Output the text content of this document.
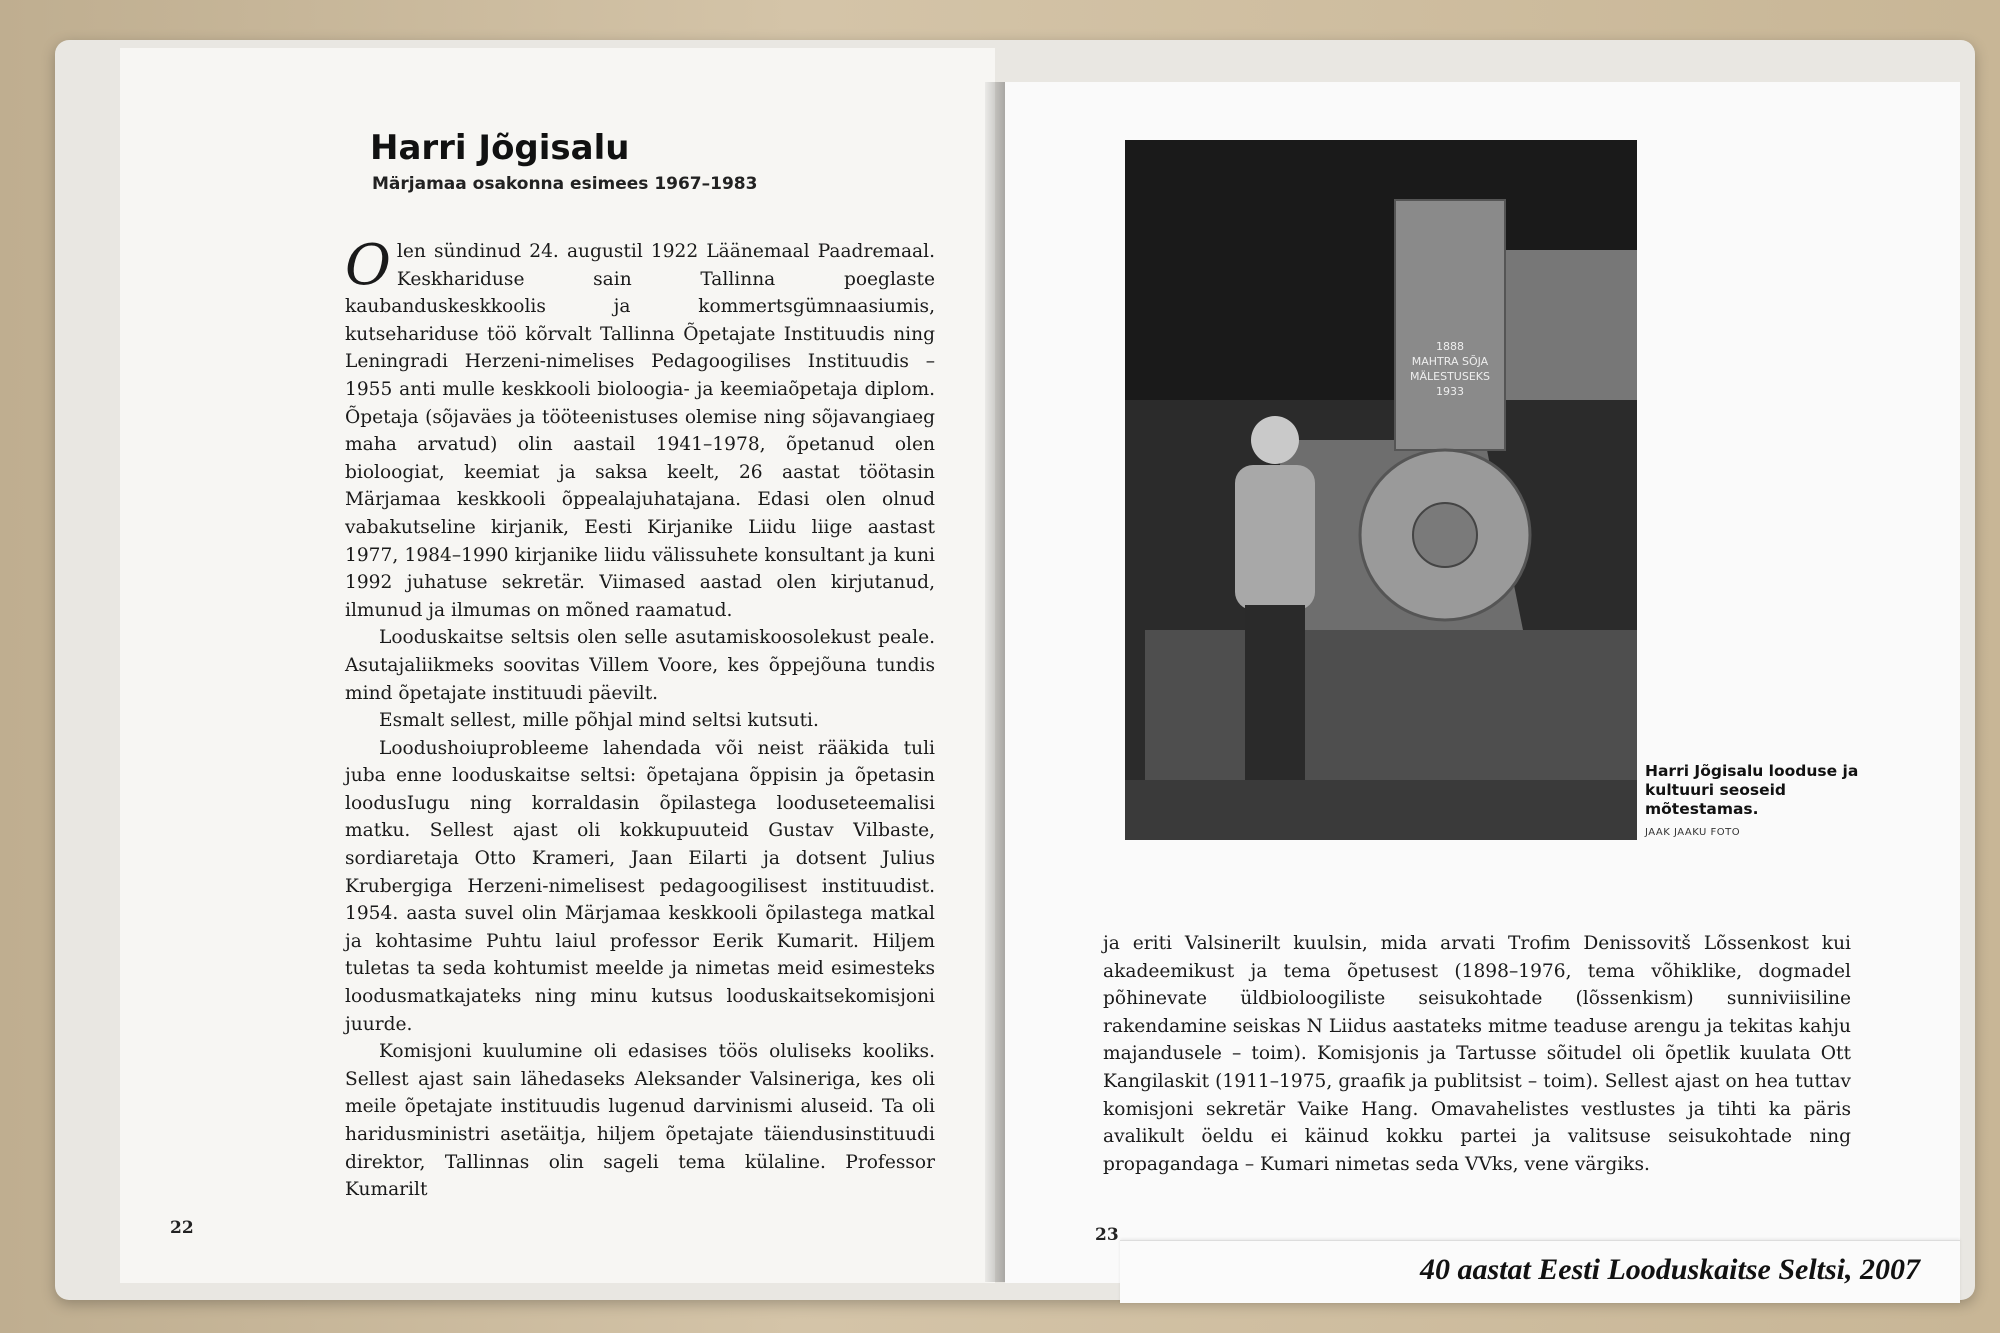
Harri Jõgisalu
Märjamaa osakonna esimees 1967–1983

Olen sündinud 24. augustil 1922 Läänemaal Paadremaal. Keskhariduse sain Tallinna poeglaste kaubanduskeskkoolis ja kommertsgümnaasiumis, kutsehariduse töö kõrvalt Tallinna Õpetajate Instituudis ning Leningradi Herzeni-nimelises Pedagoogilises Instituudis – 1955 anti mulle keskkooli bioloogia- ja keemiaõpetaja diplom. Õpetaja (sõjaväes ja tööteenistuses olemise ning sõjavangiaeg maha arvatud) olin aastail 1941–1978, õpetanud olen bioloogiat, keemiat ja saksa keelt, 26 aastat töötasin Märjamaa keskkooli õppealajuhatajana. Edasi olen olnud vabakutseline kirjanik, Eesti Kirjanike Liidu liige aastast 1977, 1984–1990 kirjanike liidu välissuhete konsultant ja kuni 1992 juhatuse sekretär. Viimased aastad olen kirjutanud, ilmunud ja ilmumas on mõned raamatud.

Looduskaitse seltsis olen selle asutamiskoosolekust peale. Asutajaliikmeks soovitas Villem Voore, kes õppejõuna tundis mind õpetajate instituudi päevilt.

Esmalt sellest, mille põhjal mind seltsi kutsuti.

Loodushoiuprobleeme lahendada või neist rääkida tuli juba enne looduskaitse seltsi: õpetajana õppisin ja õpetasin loodusIugu ning korraldasin õpilastega looduseteemalisi matku. Sellest ajast oli kokkupuuteid Gustav Vilbaste, sordiaretaja Otto Krameri, Jaan Eilarti ja dotsent Julius Krubergiga Herzeni-nimelisest pedagoogilisest instituudist. 1954. aasta suvel olin Märjamaa keskkooli õpilastega matkal ja kohtasime Puhtu laiul professor Eerik Kumarit. Hiljem tuletas ta seda kohtumist meelde ja nimetas meid esimesteks loodusmatkajateks ning minu kutsus looduskaitsekomisjoni juurde.

Komisjoni kuulumine oli edasises töös oluliseks kooliks. Sellest ajast sain lähedaseks Aleksander Valsineriga, kes oli meile õpetajate instituudis lugenud darvinismi aluseid. Ta oli haridusministri asetäitja, hiljem õpetajate täiendusinstituudi direktor, Tallinnas olin sageli tema külaline. Professor Kumarilt

22
1888
MAHTRA SÕJA
MÄLESTUSEKS
1933
Harri Jõgisalu looduse ja kultuuri seoseid mõtestamas.
JAAK JAAKU FOTO

ja eriti Valsinerilt kuulsin, mida arvati Trofim Denissovitš Lõssenkost kui akadeemikust ja tema õpetusest (1898–1976, tema võhiklike, dogmadel põhinevate üldbioloogiliste seisukohtade (lõssenkism) sunniviisiline rakendamine seiskas N Liidus aastateks mitme teaduse arengu ja tekitas kahju majandusele – toim). Komisjonis ja Tartusse sõitudel oli õpetlik kuulata Ott Kangilaskit (1911–1975, graafik ja publitsist – toim). Sellest ajast on hea tuttav komisjoni sekretär Vaike Hang. Omavahelistes vestlustes ja tihti ka päris avalikult öeldu ei käinud kokku partei ja valitsuse seisukohtade ning propagandaga – Kumari nimetas seda VVks, vene värgiks.

23

40 aastat Eesti Looduskaitse Seltsi, 2007
